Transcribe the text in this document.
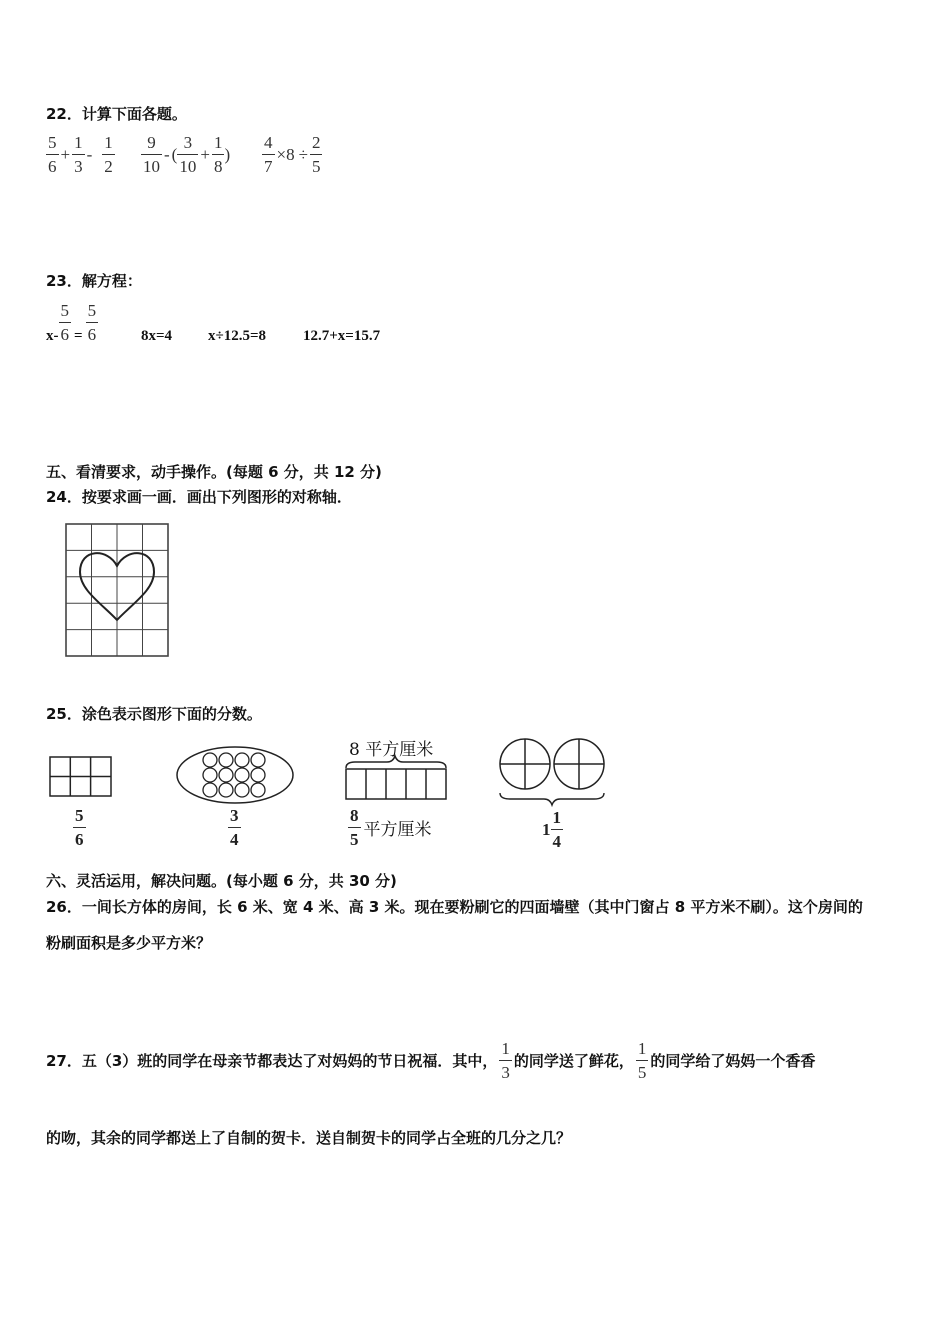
22．计算下面各题。
$\frac{5}{6} + \frac{1}{3} - \frac{1}{2} \frac{9}{10}$ - ( $\frac{3}{10} + \frac{1}{8}$ ) $\frac{4}{7} \times 8 \div \frac{2}{5}$
23．解方程：
$x- \frac{5}{6} = \frac{5}{6}$	8x=4 x÷12.5=8 12.7+x=15.7
五、看清要求，动手操作。(每题 6 分，共 12 分)
24．按要求画一画．画出下列图形的对称轴．
25．涂色表示图形下面的分数。
$\frac{5}{6}$	$\frac{3}{4}$
8 平方厘米
$\frac{8}{5}$ 平方厘米	$1 \frac{1}{4}$
六、灵活运用，解决问题。(每小题 6 分，共 30 分)
26．一间长方体的房间，长 6 米、宽 4 米、高 3 米。现在要粉刷它的四面墙壁（其中门窗占 8 平方米不刷）。这个房间的
粉刷面积是多少平方米？
27．五（3）班的同学在母亲节都表达了对妈妈的节日祝福．其中， $\frac{1}{3}$ 的同学送了鲜花， $\frac{1}{5}$ 的同学给了妈妈一个香香
的吻，其余的同学都送上了自制的贺卡．送自制贺卡的同学占全班的几分之几？
